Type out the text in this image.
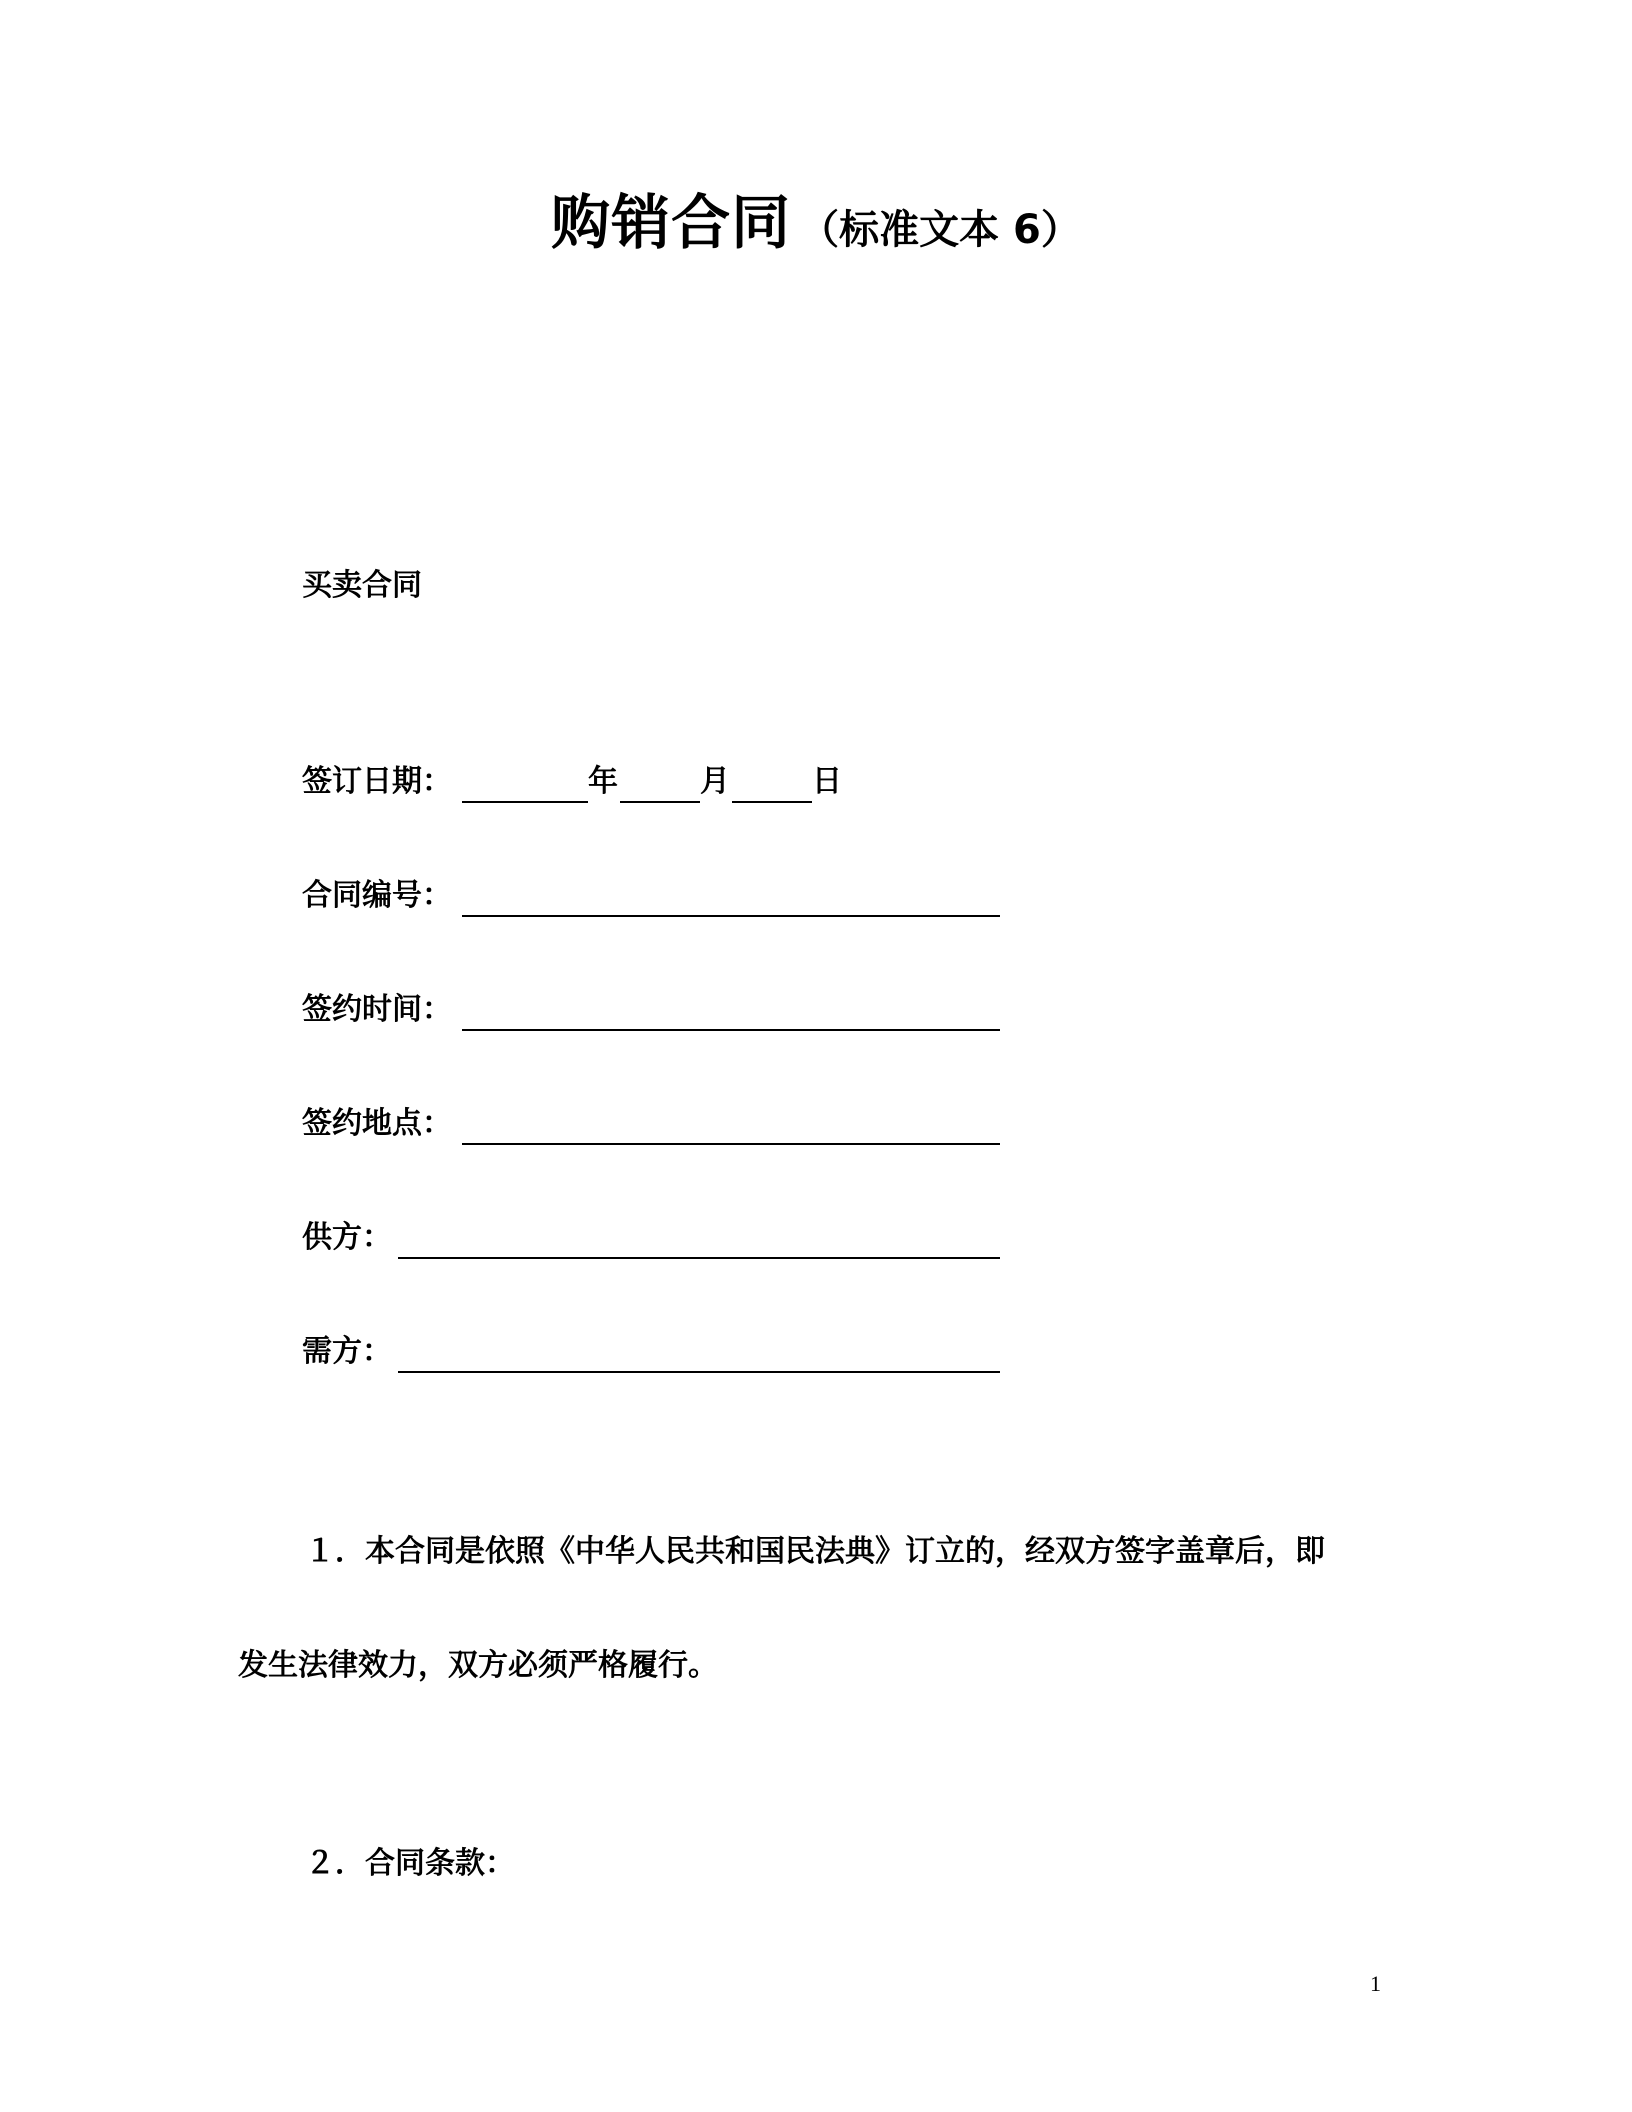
购销合同 （标准文本 6）
买卖合同
签订日期：	年	月	日
合同编号：
签约时间：
签约地点：
供方：
需方：
１．本合同是依照《中华人民共和国民法典》订立的，经双方签字盖章后，即
发生法律效力，双方必须严格履行。
２．合同条款：
1
